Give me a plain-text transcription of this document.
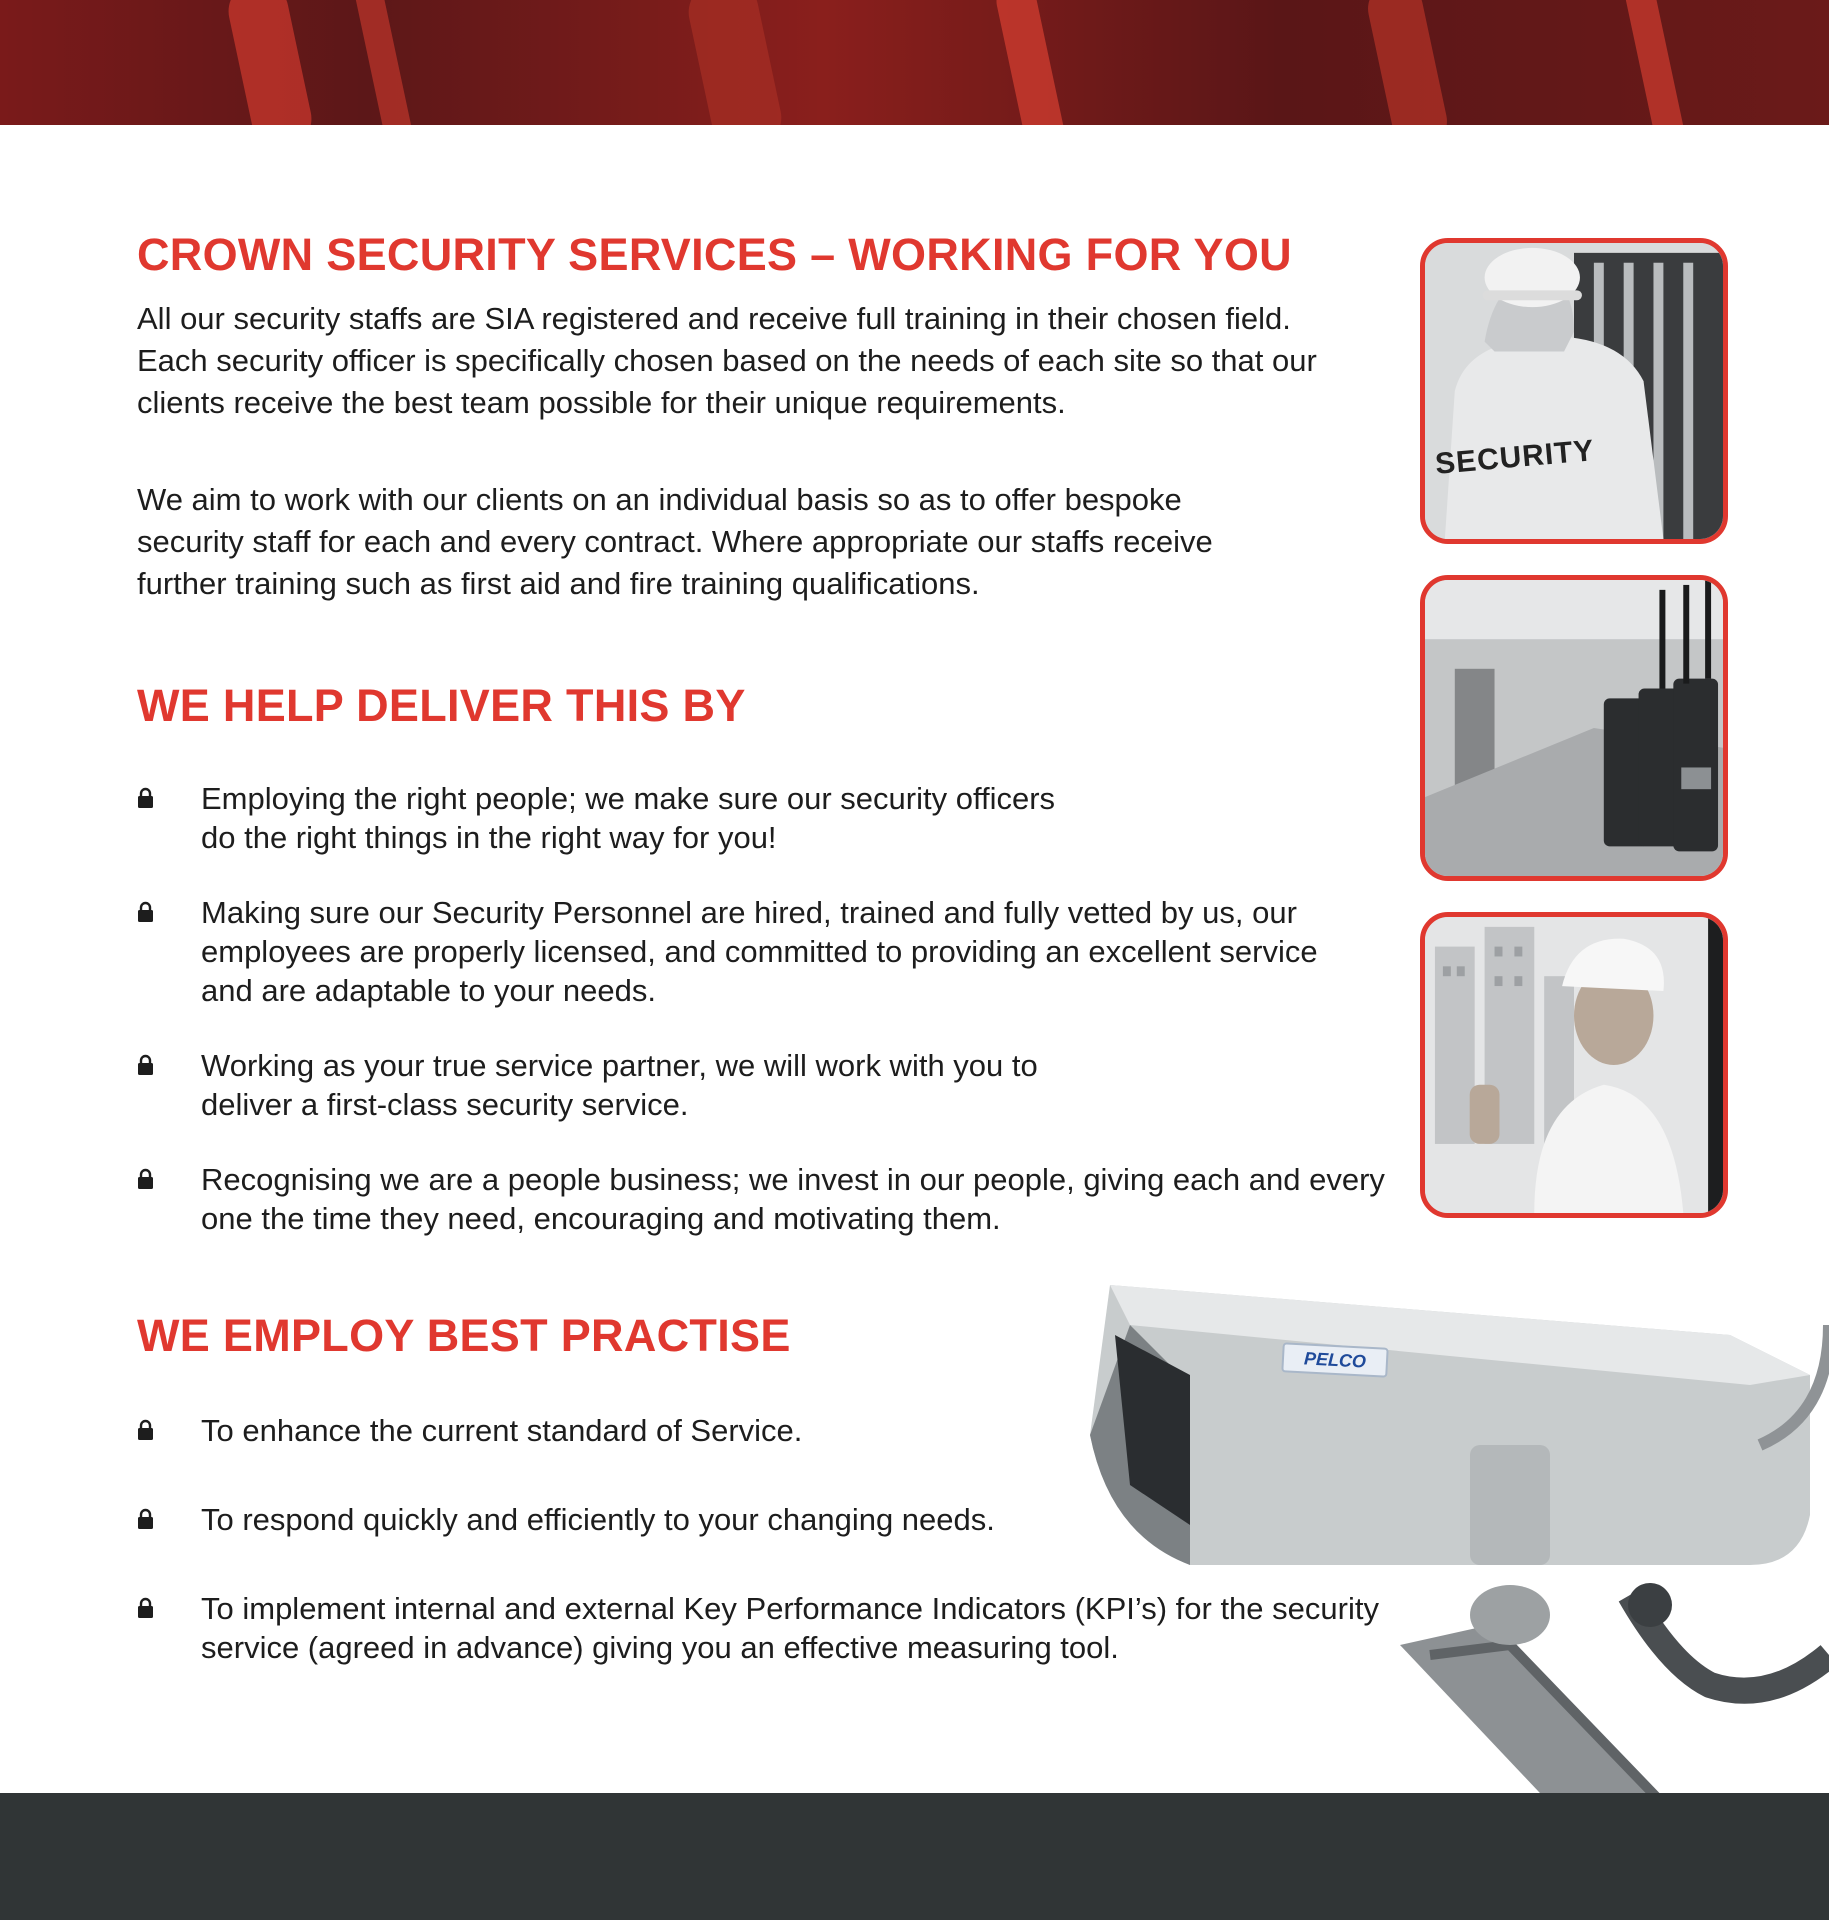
CROWN SECURITY SERVICES – WORKING FOR YOU

All our security staffs are SIA registered and receive full training in their chosen field. Each security officer is specifically chosen based on the needs of each site so that our clients receive the best team possible for their unique requirements.

We aim to work with our clients on an individual basis so as to offer bespoke security staff for each and every contract. Where appropriate our staffs receive further training such as first aid and fire training qualifications.

WE HELP DELIVER THIS BY
Employing the right people; we make sure our security officers do the right things in the right way for you!
Making sure our Security Personnel are hired, trained and fully vetted by us, our employees are properly licensed, and committed to providing an excellent service and are adaptable to your needs.
Working as your true service partner, we will work with you to deliver a first-class security service.
Recognising we are a people business; we invest in our people, giving each and every one the time they need, encouraging and motivating them.
WE EMPLOY BEST PRACTISE
To enhance the current standard of Service.
To respond quickly and efficiently to your changing needs.
To implement internal and external Key Performance Indicators (KPI’s) for the security service (agreed in advance) giving you an effective measuring tool.
SECURITY
PELCO
